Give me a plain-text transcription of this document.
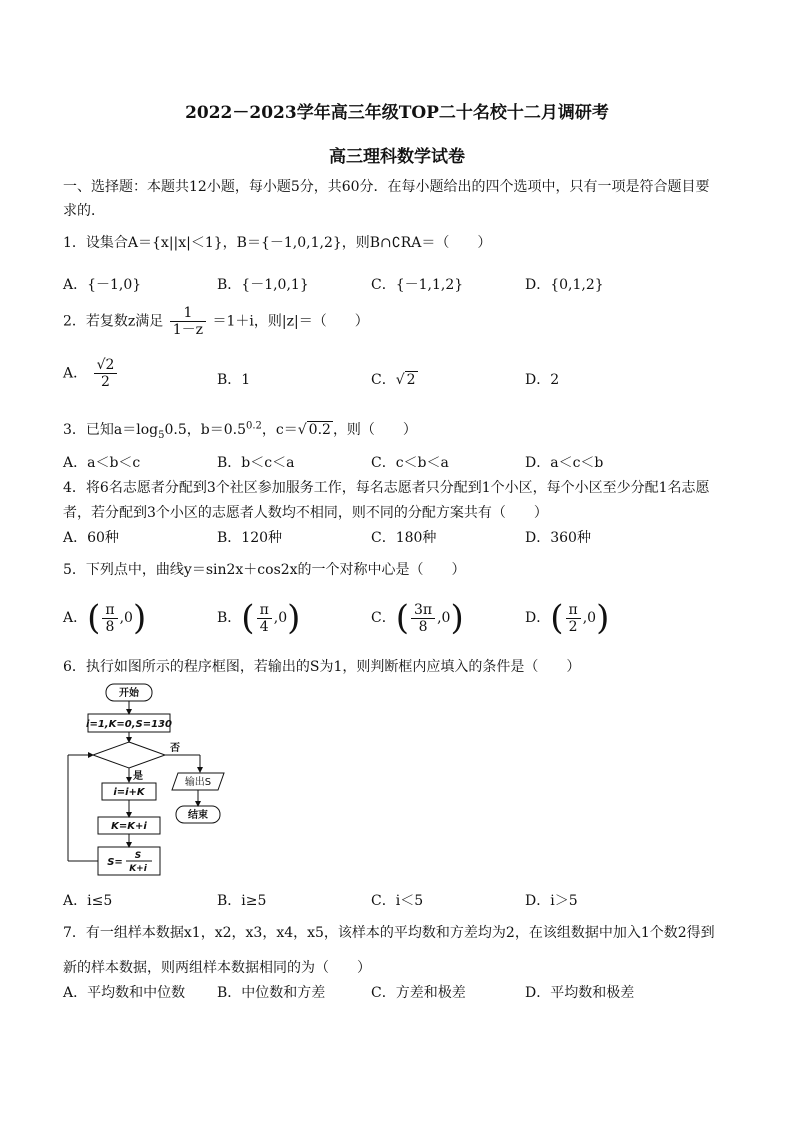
2022－2023学年高三年级TOP二十名校十二月调研考
高三理科数学试卷
一、选择题：本题共12小题，每小题5分，共60分．在每小题给出的四个选项中，只有一项是符合题目要
求的．
1．设集合A＝{x||x|＜1}，B＝{－1,0,1,2}，则B∩∁RA＝（　　）
A．{－1,0}	B．{－1,0,1}	C．{－1,1,2}	D．{0,1,2}
2．若复数z满足 $\frac{1}{1-z} =1+i$，则|z|＝（　　）
A． $\frac{√2}{2}$	B．1	C．√ 2	D．2
3．已知$a=\log_50.5$，$b=0.5^{0.2}$，c＝√ 0.2 ，则（　　）
A．a＜b＜c	B．b＜c＜a	C．c＜b＜a	D．a＜c＜b
4．将6名志愿者分配到3个社区参加服务工作，每名志愿者只分配到1个小区，每个小区至少分配1名志愿
者，若分配到3个小区的志愿者人数均不相同，则不同的分配方案共有（　　）
A．60种	B．120种	C．180种	D．360种
5．下列点中，曲线y＝sin2x＋cos2x的一个对称中心是（　　）
A．( $\frac{\pi}{8} ,0$)	B．( $\frac{\pi}{4} ,0$)	C．( $\frac{3\pi}{8} ,0$)	D．( $\frac{\pi}{2} ,0$)
6．执行如图所示的程序框图，若输出的S为1，则判断框内应填入的条件是（　　）
开始
i=1,K=0,S=130
否
输出S
结束
是
i=i+K
K=K+i
S=
S
K+i
A．i≤5	B．i≥5	C．i＜5	D．i＞5
7．有一组样本数据x1，x2，x3，x4，x5，该样本的平均数和方差均为2，在该组数据中加入1个数2得到
新的样本数据，则两组样本数据相同的为（　　）
A．平均数和中位数 B．中位数和方差	C．方差和极差	D．平均数和极差
